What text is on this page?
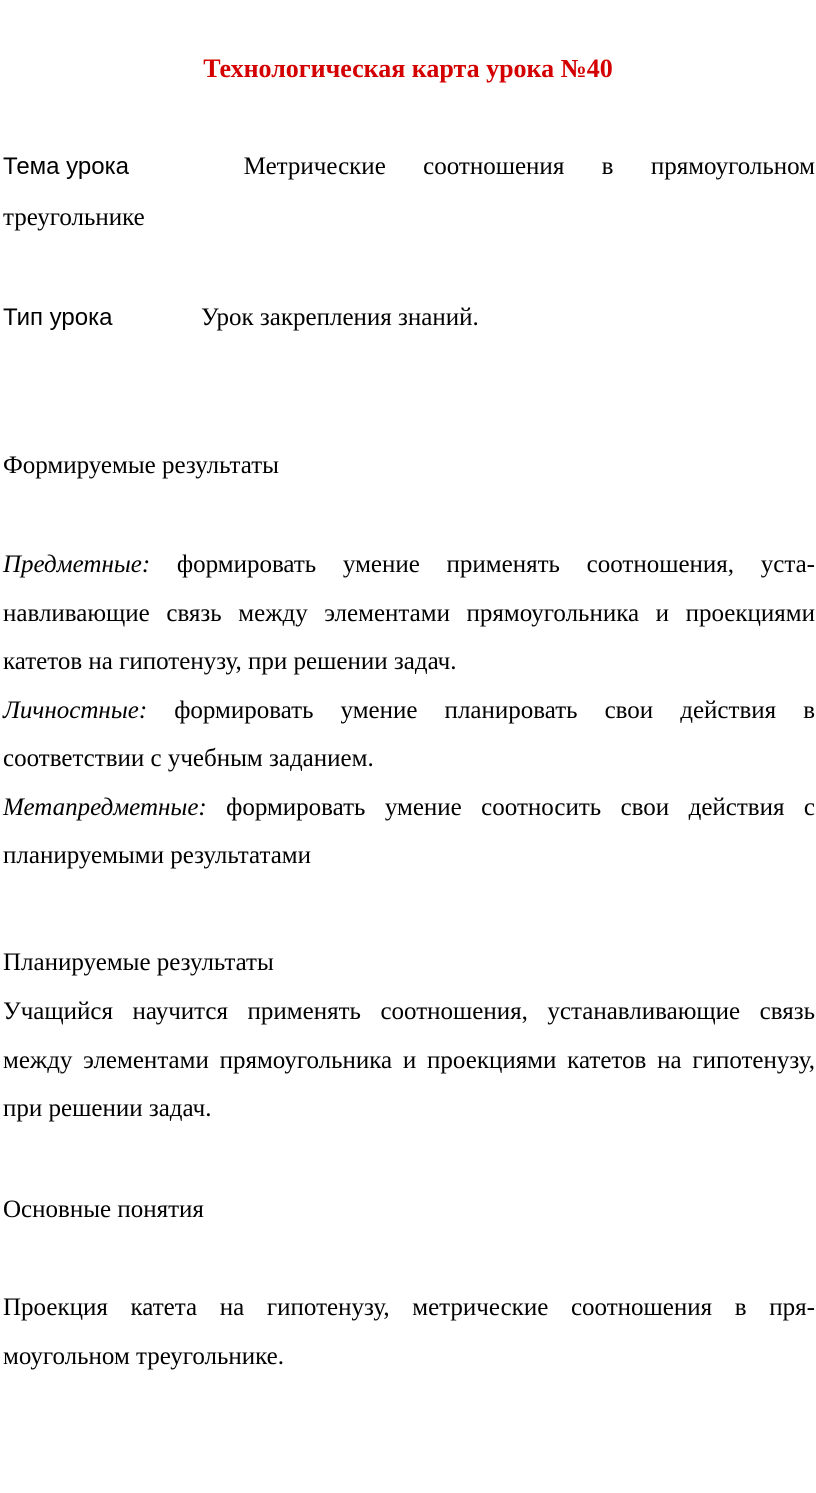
Технологическая карта урока №40
Тема урока	Метрические соотношения в прямоугольном
треугольнике
Тип урока	Урок закрепления знаний.
Формируемые результаты
Предметные: формировать умение применять соотношения, устанавливающие связь между элементами прямоугольника и проекциями катетов на гипотенузу, при решении задач.
Личностные: формировать умение планировать свои действия в соответствии с учебным заданием.
Метапредметные: формировать умение соотносить свои действия с планируемыми результатами
Планируемые результаты
Учащийся научится применять соотношения, устанавливающие связь между элементами прямоугольника и проекциями катетов на гипотенузу, при решении задач.
Основные понятия
Проекция катета на гипотенузу, метрические соотношения в прямоугольном треугольнике.
